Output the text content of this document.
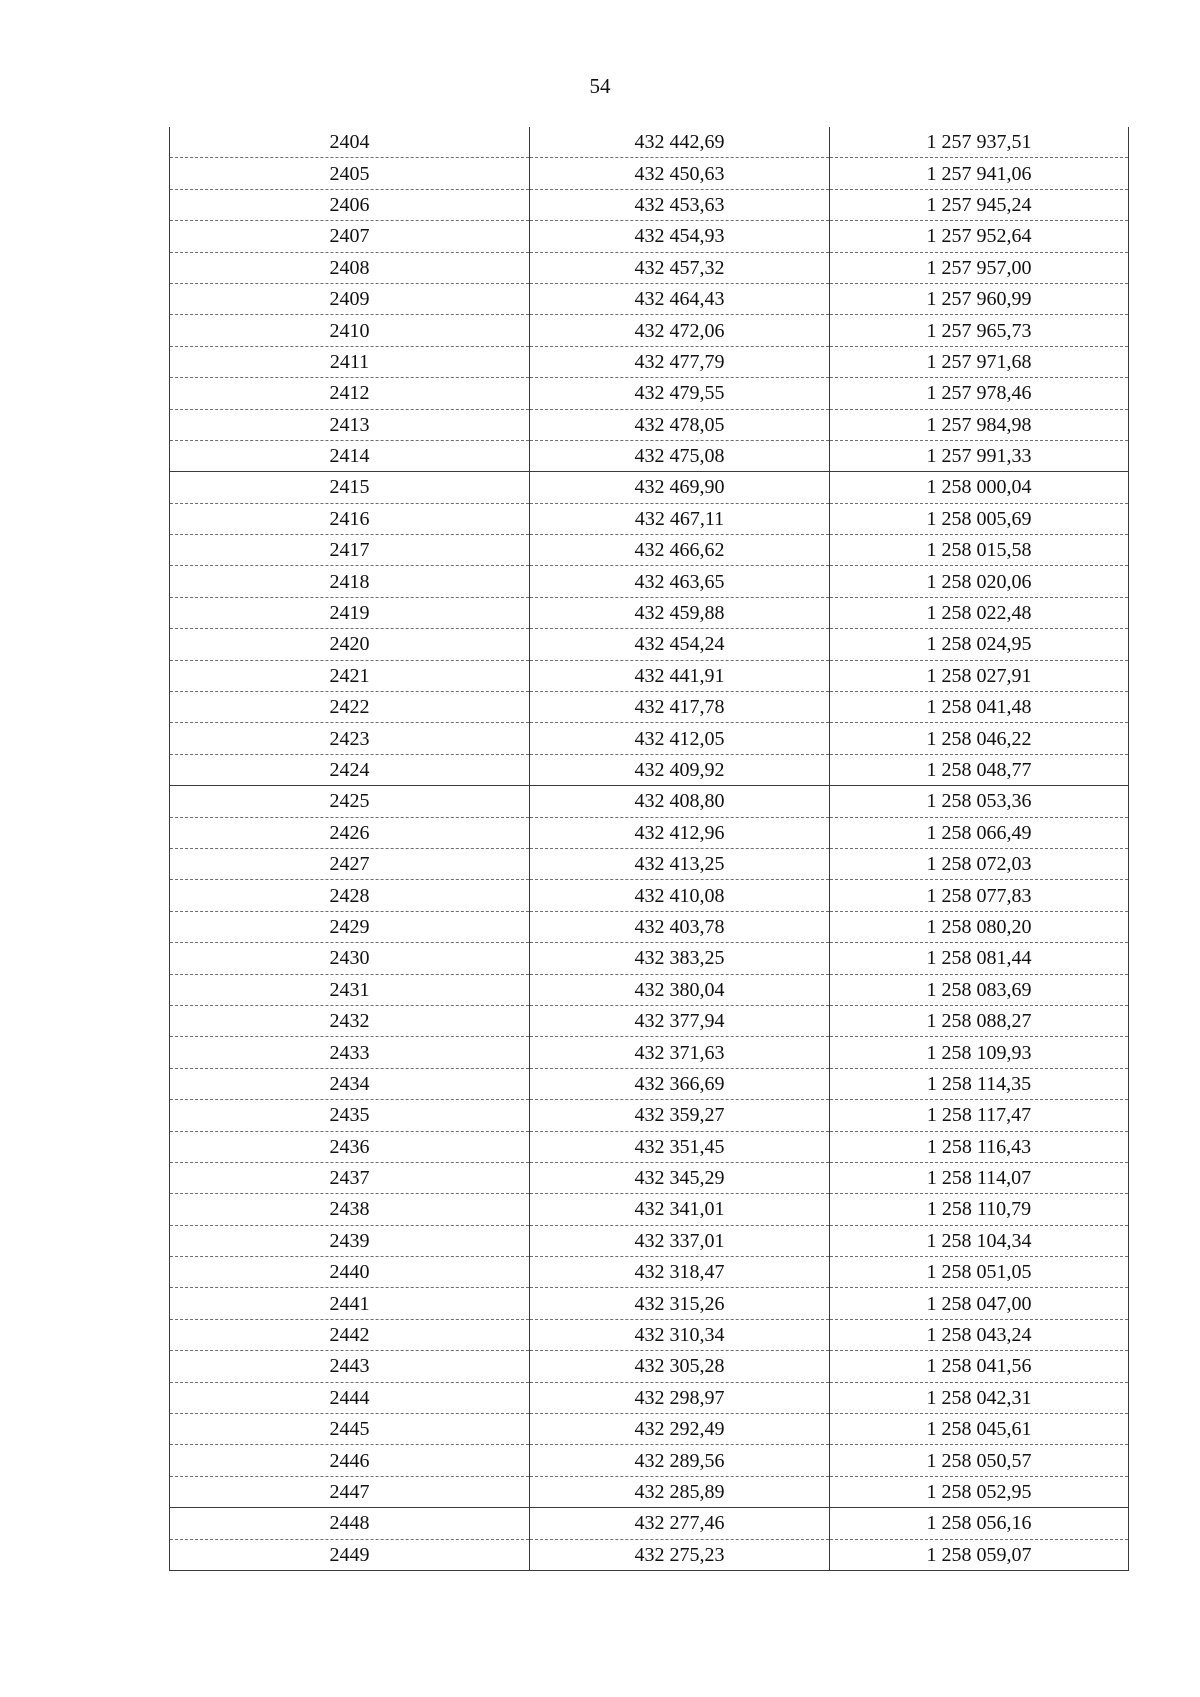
54
2404	432 442,69	1 257 937,51
2405	432 450,63	1 257 941,06
2406	432 453,63	1 257 945,24
2407	432 454,93	1 257 952,64
2408	432 457,32	1 257 957,00
2409	432 464,43	1 257 960,99
2410	432 472,06	1 257 965,73
2411	432 477,79	1 257 971,68
2412	432 479,55	1 257 978,46
2413	432 478,05	1 257 984,98
2414	432 475,08	1 257 991,33
2415	432 469,90	1 258 000,04
2416	432 467,11	1 258 005,69
2417	432 466,62	1 258 015,58
2418	432 463,65	1 258 020,06
2419	432 459,88	1 258 022,48
2420	432 454,24	1 258 024,95
2421	432 441,91	1 258 027,91
2422	432 417,78	1 258 041,48
2423	432 412,05	1 258 046,22
2424	432 409,92	1 258 048,77
2425	432 408,80	1 258 053,36
2426	432 412,96	1 258 066,49
2427	432 413,25	1 258 072,03
2428	432 410,08	1 258 077,83
2429	432 403,78	1 258 080,20
2430	432 383,25	1 258 081,44
2431	432 380,04	1 258 083,69
2432	432 377,94	1 258 088,27
2433	432 371,63	1 258 109,93
2434	432 366,69	1 258 114,35
2435	432 359,27	1 258 117,47
2436	432 351,45	1 258 116,43
2437	432 345,29	1 258 114,07
2438	432 341,01	1 258 110,79
2439	432 337,01	1 258 104,34
2440	432 318,47	1 258 051,05
2441	432 315,26	1 258 047,00
2442	432 310,34	1 258 043,24
2443	432 305,28	1 258 041,56
2444	432 298,97	1 258 042,31
2445	432 292,49	1 258 045,61
2446	432 289,56	1 258 050,57
2447	432 285,89	1 258 052,95
2448	432 277,46	1 258 056,16
2449	432 275,23	1 258 059,07
